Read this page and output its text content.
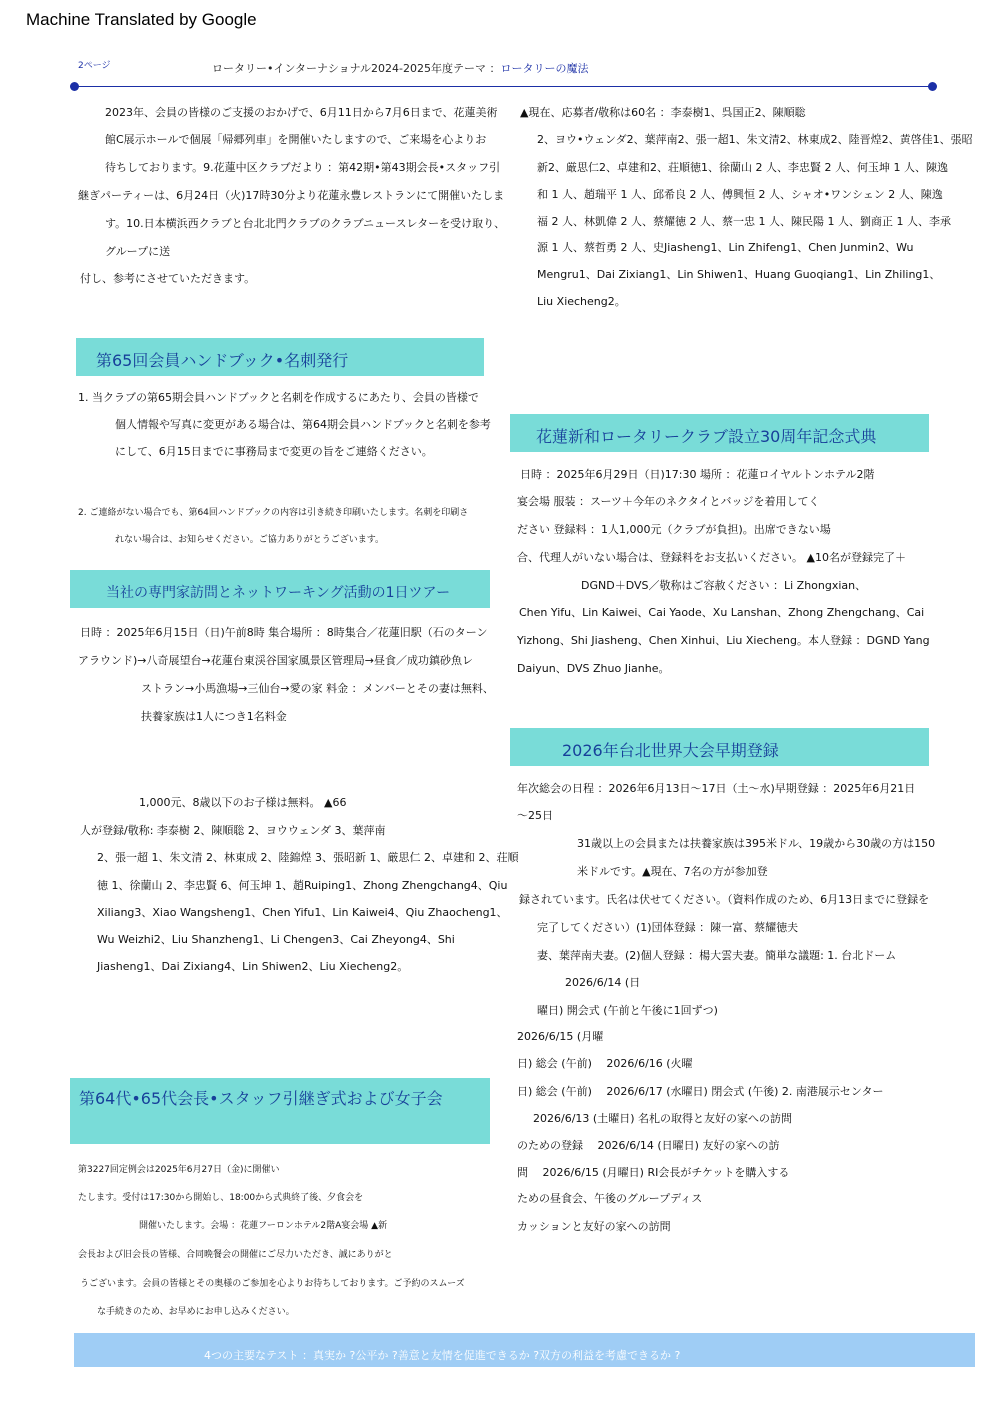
Machine Translated by Google
2ページ	ロータリー•インターナショナル2024-2025年度テーマ ：ロータリーの魔法
2023年、会員の皆様のご支援のおかげで、6月11日から7月6日まで、花蓮美術
館C展示ホールで個展「帰郷列車」を開催いたしますので、ご来場を心よりお
待ちしております。9.花蓮中区クラブだより ：第42期•第43期会長•スタッフ引
継ぎパーティーは、6月24日（火)17時30分より花蓮永豊レストランにて開催いたしま
す。10.日本横浜西クラブと台北北門クラブのクラブニュースレターを受け取り、
グループに送
付し、参考にさせていただきます。
▲現在、応募者/敬称は60名 ：李泰樹1、呉国正2、陳順聡
2、ヨウ•ウェンダ2、葉萍南2、張一超1、朱文清2、林東成2、陸晋煌2、黄啓佳1、張昭
新2、厳思仁2、卓建和2、荘順徳1、徐蘭山 2 人、李忠賢 2 人、何玉坤 1 人、陳逸
和 1 人、趙瑞平 1 人、邱希良 2 人、傅興恒 2 人、シャオ•ワンシェン 2 人、陳逸
福 2 人、林凱偉 2 人、蔡耀徳 2 人、蔡一忠 1 人、陳民陽 1 人、劉商正 1 人、李承
源 1 人、蔡哲勇 2 人、史Jiasheng1、Lin Zhifeng1、Chen Junmin2、Wu
Mengru1、Dai Zixiang1、Lin Shiwen1、Huang Guoqiang1、Lin Zhiling1、
Liu Xiecheng2。
第65回会員ハンドブック•名刺発行
1. 当クラブの第65期会員ハンドブックと名刺を作成するにあたり、会員の皆様で
個人情報や写真に変更がある場合は、第64期会員ハンドブックと名刺を参考
にして、6月15日までに事務局まで変更の旨をご連絡ください。
2. ご連絡がない場合でも、第64回ハンドブックの内容は引き続き印刷いたします。名刺を印刷さ
れない場合は、お知らせください。ご協力ありがとうございます。
当社の専門家訪問とネットワーキング活動の1日ツアー
日時 ：2025年6月15日（日)午前8時 集合場所 ：8時集合／花蓮旧駅（石のターン
アラウンド)→八奇展望台→花蓮台東渓谷国家風景区管理局→昼食／成功鎮砂魚レ
ストラン→小馬漁場→三仙台→愛の家 料金 ：メンバーとその妻は無料、
扶養家族は1人につき1名料金
1,000元、8歳以下のお子様は無料。 ▲66
人が登録/敬称: 李泰樹 2、陳順聡 2、ヨウウェンダ 3、葉萍南
2、張一超 1、朱文清 2、林東成 2、陸錦煌 3、張昭新 1、厳思仁 2、卓建和 2、荘順
徳 1、徐蘭山 2、李忠賢 6、何玉坤 1、趙Ruiping1、Zhong Zhengchang4、Qiu
Xiliang3、Xiao Wangsheng1、Chen Yifu1、Lin Kaiwei4、Qiu Zhaocheng1、
Wu Weizhi2、Liu Shanzheng1、Li Chengen3、Cai Zheyong4、Shi
Jiasheng1、Dai Zixiang4、Lin Shiwen2、Liu Xiecheng2。
第64代•65代会長•スタッフ引継ぎ式および女子会
第3227回定例会は2025年6月27日（金)に開催い
たします。受付は17:30から開始し、18:00から式典終了後、夕食会を
開催いたします。会場 ：花蓮フーロンホテル2階A宴会場 ▲新
会長および旧会長の皆様、合同晩餐会の開催にご尽力いただき、誠にありがと
うございます。会員の皆様とその奥様のご参加を心よりお待ちしております。ご予約のスムーズ
な手続きのため、お早めにお申し込みください。
花蓮新和ロータリークラブ設立30周年記念式典
日時 ：2025年6月29日（日)17:30 場所 ：花蓮ロイヤルトンホテル2階
宴会場 服装 ：スーツ＋今年のネクタイとバッジを着用してく
ださい 登録料 ：1人1,000元（クラブが負担)。出席できない場
合、代理人がいない場合は、登録料をお支払いください。 ▲10名が登録完了＋
DGND＋DVS／敬称はご容赦ください ：Li Zhongxian、
Chen Yifu、Lin Kaiwei、Cai Yaode、Xu Lanshan、Zhong Zhengchang、Cai
Yizhong、Shi Jiasheng、Chen Xinhui、Liu Xiecheng。本人登録 ：DGND Yang
Daiyun、DVS Zhuo Jianhe。
2026年台北世界大会早期登録
年次総会の日程 ：2026年6月13日〜17日（土〜水)早期登録 ：2025年6月21日
〜25日
31歳以上の会員または扶養家族は395米ドル、19歳から30歳の方は150
米ドルです。▲現在、7名の方が参加登
録されています。氏名は伏せてください。（資料作成のため、6月13日までに登録を
完了してください）(1)団体登録 ：陳一富、蔡耀徳夫
妻、葉萍南夫妻。(2)個人登録 ：楊大雲夫妻。簡単な議題: 1. 台北ドーム
2026/6/14 (日
曜日) 開会式 (午前と午後に1回ずつ)
2026/6/15 (月曜
日) 総会 (午前)　 2026/6/16 (火曜
日) 総会 (午前)　 2026/6/17 (水曜日) 閉会式 (午後) 2. 南港展示センター
2026/6/13 (土曜日) 名札の取得と友好の家への訪問
のための登録　 2026/6/14 (日曜日) 友好の家への訪
問　 2026/6/15 (月曜日) RI会長がチケットを購入する
ための昼食会、午後のグループディス
カッションと友好の家への訪問
4つの主要なテスト ：真実か ?公平か ?善意と友情を促進できるか ?双方の利益を考慮できるか ?
